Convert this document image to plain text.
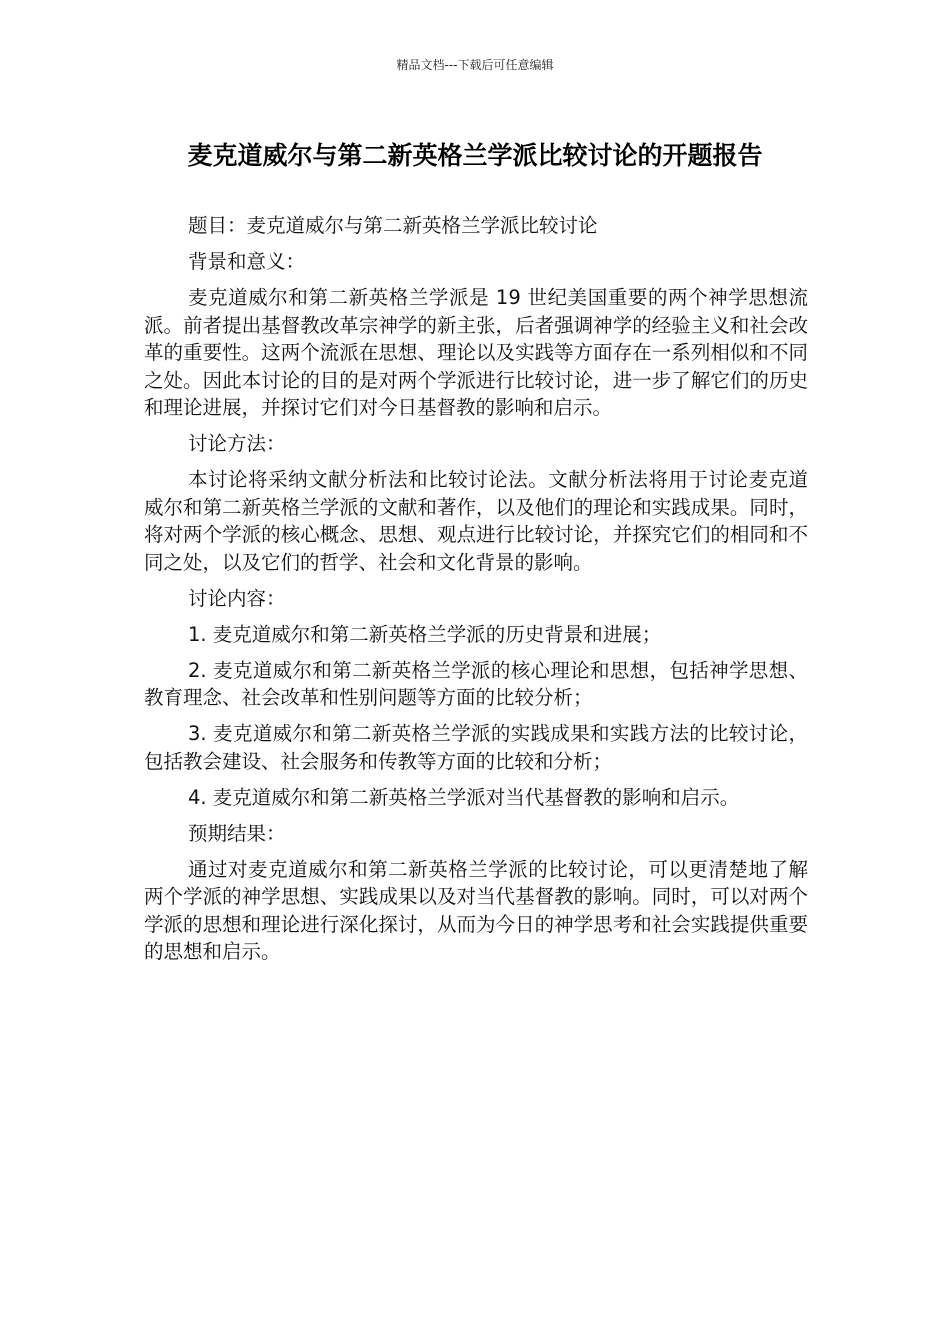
精品文档---下载后可任意编辑
麦克道威尔与第二新英格兰学派比较讨论的开题报告

题目：麦克道威尔与第二新英格兰学派比较讨论

背景和意义：

麦克道威尔和第二新英格兰学派是 19 世纪美国重要的两个神学思想流派。前者提出基督教改革宗神学的新主张，后者强调神学的经验主义和社会改革的重要性。这两个流派在思想、理论以及实践等方面存在一系列相似和不同之处。因此本讨论的目的是对两个学派进行比较讨论，进一步了解它们的历史和理论进展，并探讨它们对今日基督教的影响和启示。

讨论方法：

本讨论将采纳文献分析法和比较讨论法。文献分析法将用于讨论麦克道威尔和第二新英格兰学派的文献和著作，以及他们的理论和实践成果。同时，将对两个学派的核心概念、思想、观点进行比较讨论，并探究它们的相同和不同之处，以及它们的哲学、社会和文化背景的影响。

讨论内容：

1. 麦克道威尔和第二新英格兰学派的历史背景和进展；

2. 麦克道威尔和第二新英格兰学派的核心理论和思想，包括神学思想、教育理念、社会改革和性别问题等方面的比较分析；

3. 麦克道威尔和第二新英格兰学派的实践成果和实践方法的比较讨论，包括教会建设、社会服务和传教等方面的比较和分析；

4. 麦克道威尔和第二新英格兰学派对当代基督教的影响和启示。

预期结果：

通过对麦克道威尔和第二新英格兰学派的比较讨论，可以更清楚地了解两个学派的神学思想、实践成果以及对当代基督教的影响。同时，可以对两个学派的思想和理论进行深化探讨，从而为今日的神学思考和社会实践提供重要的思想和启示。
